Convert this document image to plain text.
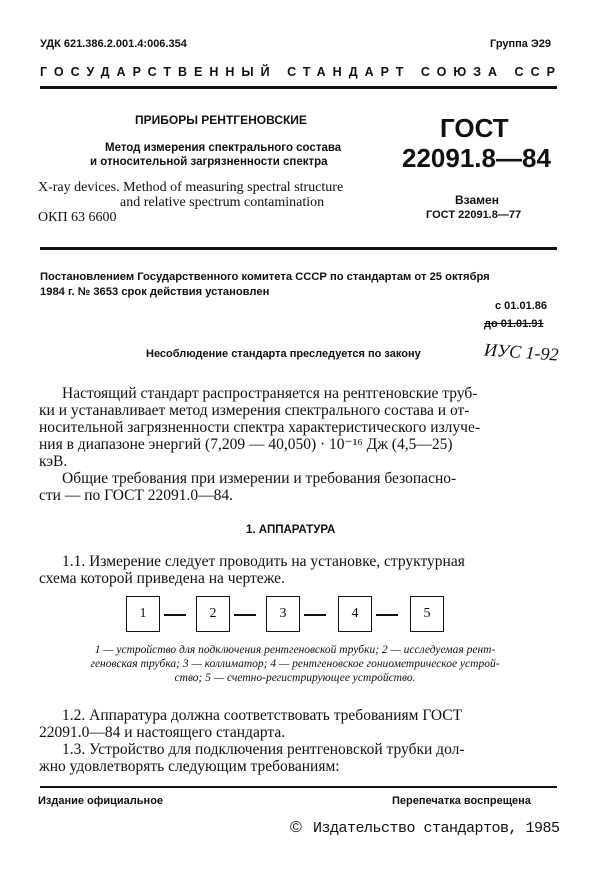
УДК 621.386.2.001.4:006.354	Группа Э29
ГОСУДАРСТВЕННЫЙ СТАНДАРТ СОЮЗА ССР
ПРИБОРЫ РЕНТГЕНОВСКИЕ
Метод измерения спектрального состава
и относительной загрязненности спектра
X-ray devices. Method of measuring spectral structure
and relative spectrum contamination
ОКП 63 6600
ГОСТ
22091.8—84
Взамен
ГОСТ 22091.8—77
Постановлением Государственного комитета СССР по стандартам от 25 октября
1984 г. № 3653 срок действия установлен
с 01.01.86
до 01.01.91
ИУС 1-92
Несоблюдение стандарта преследуется по закону
Настоящий стандарт распространяется на рентгеновские труб-
ки и устанавливает метод измерения спектрального состава и от-
носительной загрязненности спектра характеристического излуче-
ния в диапазоне энергий (7,209 — 40,050) · 10⁻¹⁶ Дж (4,5—25)
кэВ.
Общие требования при измерении и требования безопасно-
сти — по ГОСТ 22091.0—84.
1. АППАРАТУРА
1.1. Измерение следует проводить на установке, структурная
схема которой приведена на чертеже.
1	2	3	4	5
1 — устройство для подключения рентгеновской трубки; 2 — исследуемая рент-
геновская трубка; 3 — коллиматор; 4 — рентгеновское гониометрическое устрой-
ство; 5 — счетно-регистрирующее устройство.
1.2. Аппаратура должна соответствовать требованиям ГОСТ
22091.0—84 и настоящего стандарта.
1.3. Устройство для подключения рентгеновской трубки дол-
жно удовлетворять следующим требованиям:
Издание официальное	Перепечатка воспрещена
© Издательство стандартов, 1985
